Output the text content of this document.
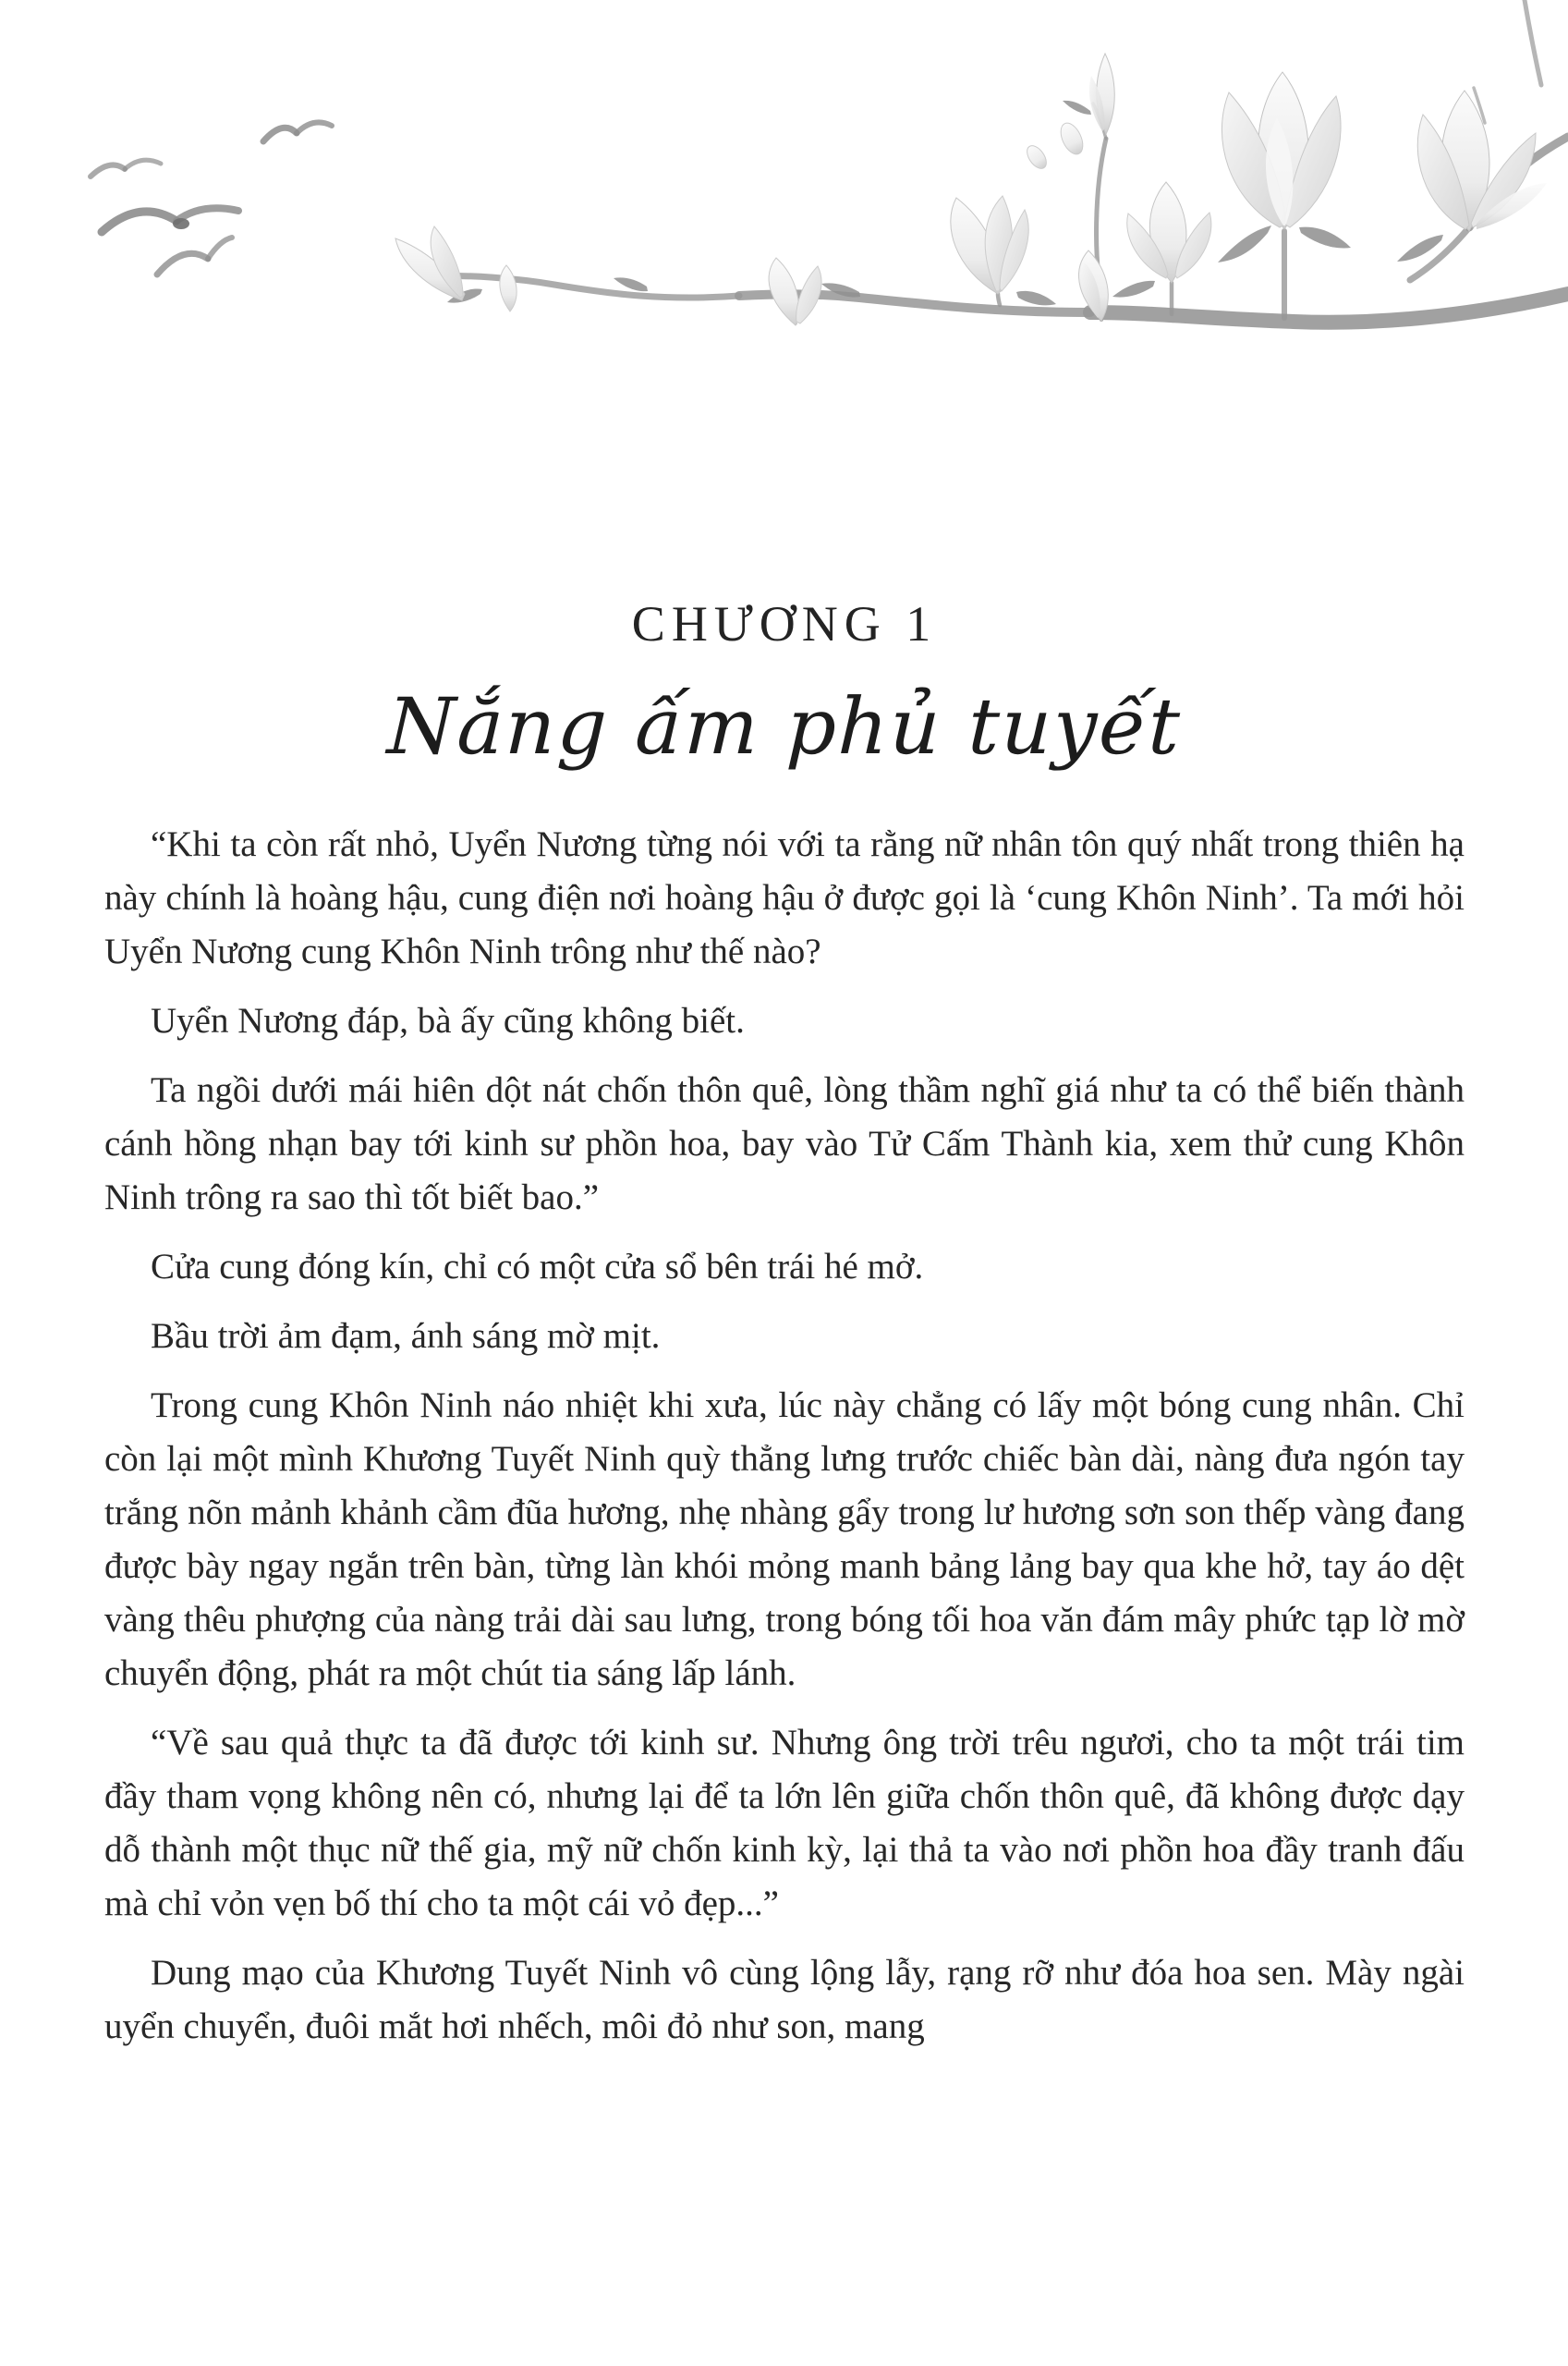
CHƯƠNG 1
Nắng ấm phủ tuyết

“Khi ta còn rất nhỏ, Uyển Nương từng nói với ta rằng nữ nhân tôn quý nhất trong thiên hạ này chính là hoàng hậu, cung điện nơi hoàng hậu ở được gọi là ‘cung Khôn Ninh’. Ta mới hỏi Uyển Nương cung Khôn Ninh trông như thế nào?

Uyển Nương đáp, bà ấy cũng không biết.

Ta ngồi dưới mái hiên dột nát chốn thôn quê, lòng thầm nghĩ giá như ta có thể biến thành cánh hồng nhạn bay tới kinh sư phồn hoa, bay vào Tử Cấm Thành kia, xem thử cung Khôn Ninh trông ra sao thì tốt biết bao.”

Cửa cung đóng kín, chỉ có một cửa sổ bên trái hé mở.

Bầu trời ảm đạm, ánh sáng mờ mịt.

Trong cung Khôn Ninh náo nhiệt khi xưa, lúc này chẳng có lấy một bóng cung nhân. Chỉ còn lại một mình Khương Tuyết Ninh quỳ thẳng lưng trước chiếc bàn dài, nàng đưa ngón tay trắng nõn mảnh khảnh cầm đũa hương, nhẹ nhàng gẩy trong lư hương sơn son thếp vàng đang được bày ngay ngắn trên bàn, từng làn khói mỏng manh bảng lảng bay qua khe hở, tay áo dệt vàng thêu phượng của nàng trải dài sau lưng, trong bóng tối hoa văn đám mây phức tạp lờ mờ chuyển động, phát ra một chút tia sáng lấp lánh.

“Về sau quả thực ta đã được tới kinh sư. Nhưng ông trời trêu ngươi, cho ta một trái tim đầy tham vọng không nên có, nhưng lại để ta lớn lên giữa chốn thôn quê, đã không được dạy dỗ thành một thục nữ thế gia, mỹ nữ chốn kinh kỳ, lại thả ta vào nơi phồn hoa đầy tranh đấu mà chỉ vỏn vẹn bố thí cho ta một cái vỏ đẹp...”

Dung mạo của Khương Tuyết Ninh vô cùng lộng lẫy, rạng rỡ như đóa hoa sen. Mày ngài uyển chuyển, đuôi mắt hơi nhếch, môi đỏ như son, mang
